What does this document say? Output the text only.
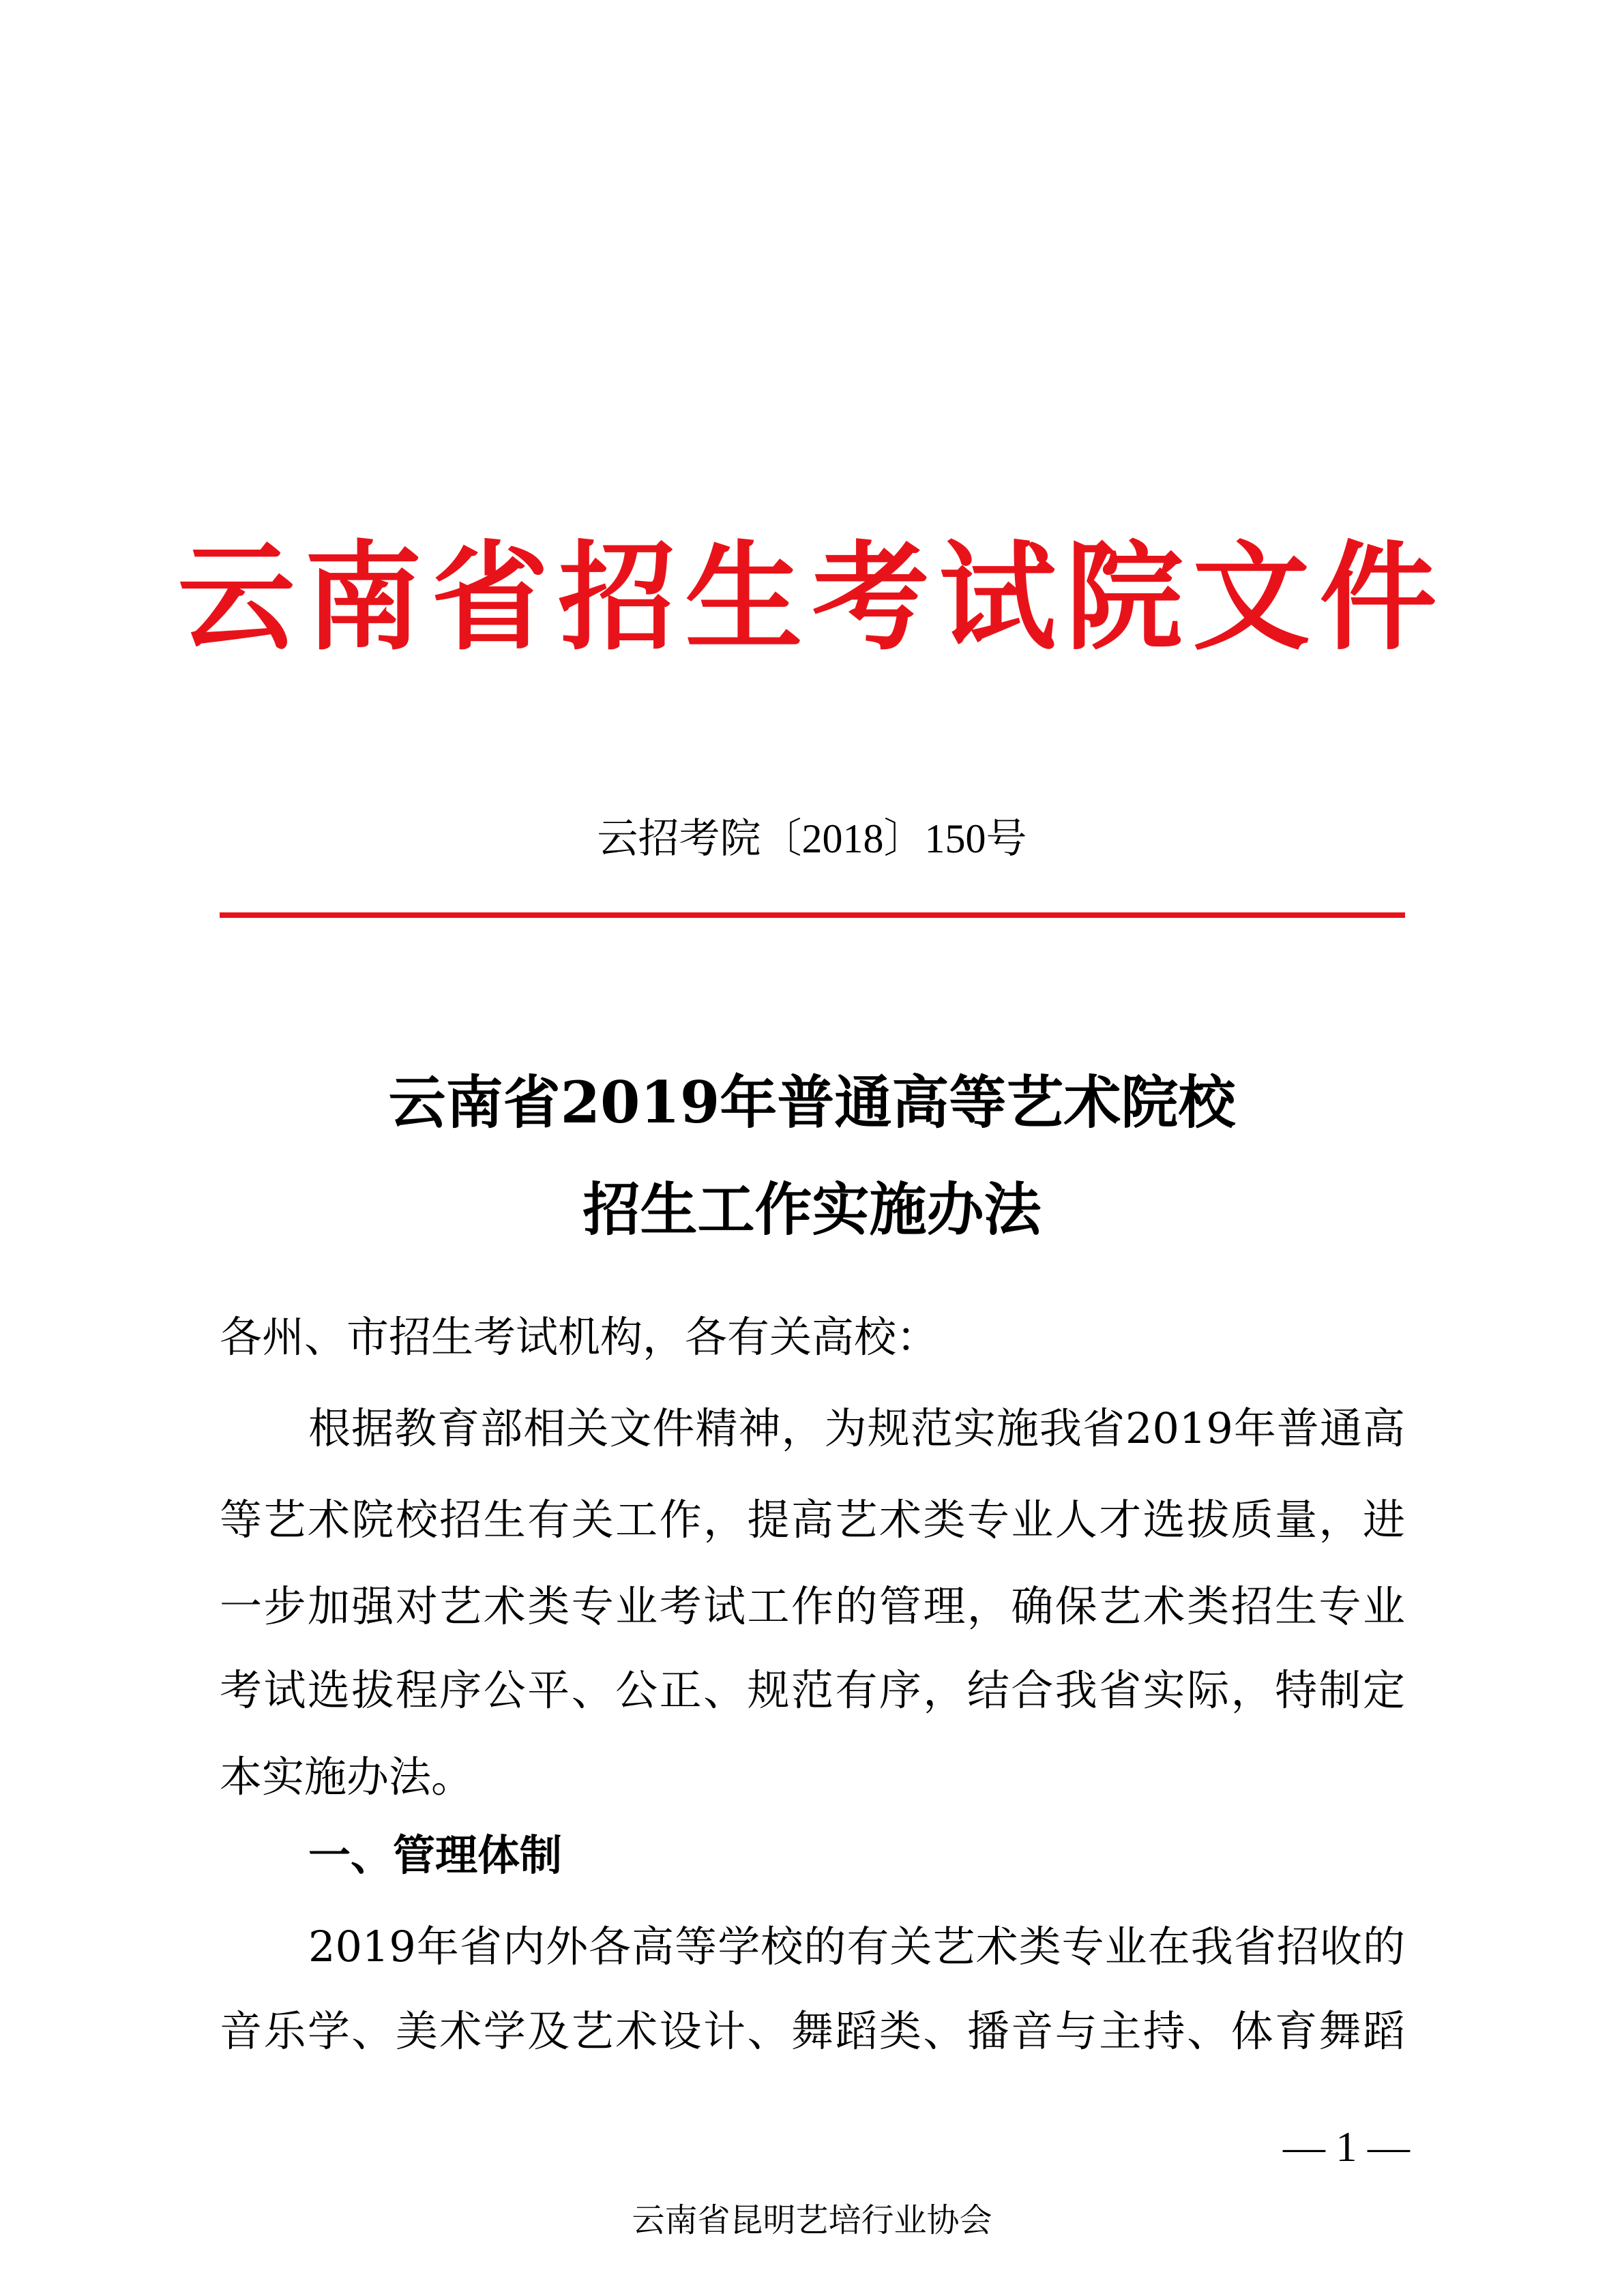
云南省招生考试院文件
云招考院〔2018〕150号
云南省2019年普通高等艺术院校
招生工作实施办法
各州、市招生考试机构，各有关高校：
根据教育部相关文件精神，为规范实施我省2019年普通高
等艺术院校招生有关工作，提高艺术类专业人才选拔质量，进
一步加强对艺术类专业考试工作的管理，确保艺术类招生专业
考试选拔程序公平、公正、规范有序，结合我省实际，特制定
本实施办法。
一、管理体制
2019年省内外各高等学校的有关艺术类专业在我省招收的
音乐学、美术学及艺术设计、舞蹈类、播音与主持、体育舞蹈
— 1 —
云南省昆明艺培行业协会
